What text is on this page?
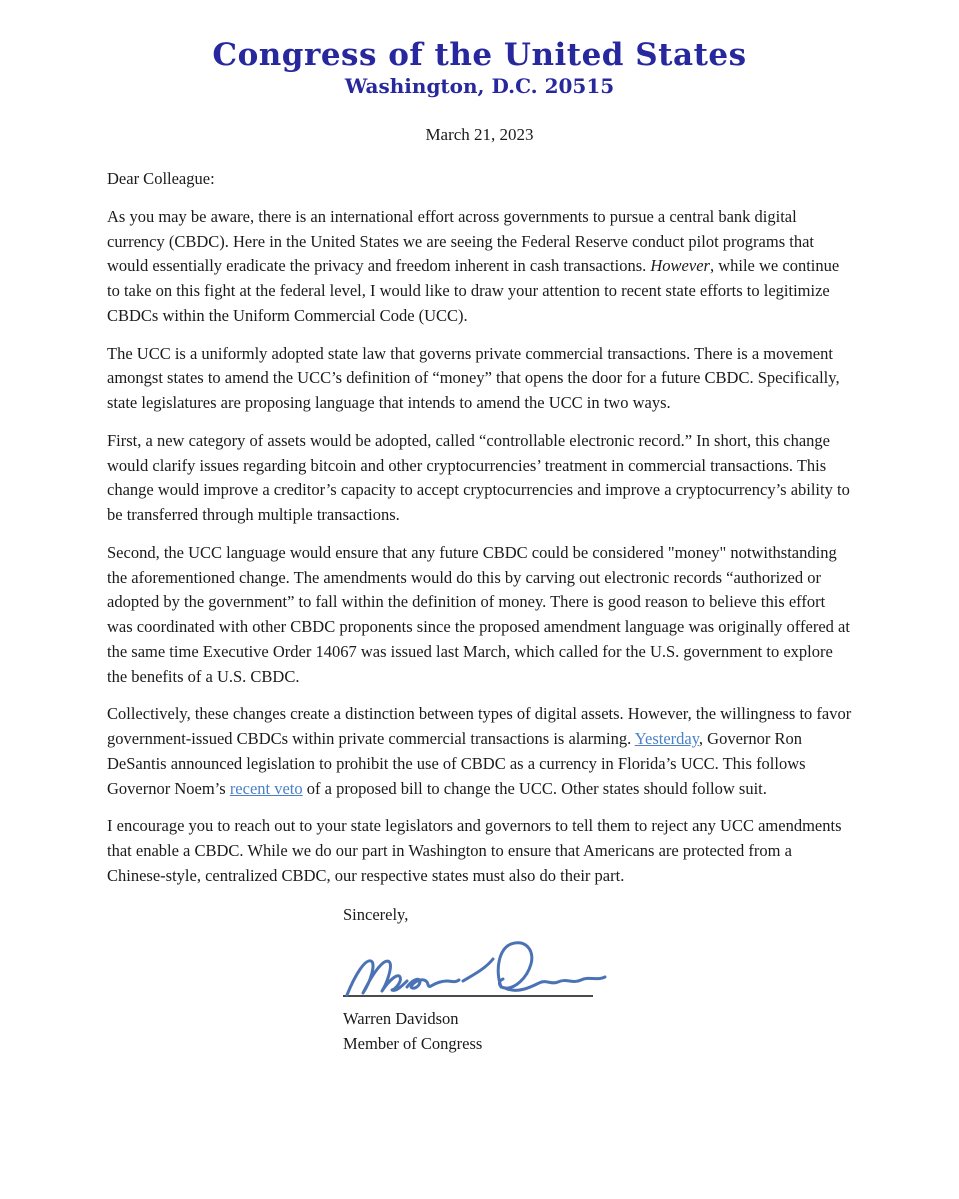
Congress of the United States
Washington, D.C. 20515
March 21, 2023
Dear Colleague:

As you may be aware, there is an international effort across governments to pursue a central bank digital currency (CBDC). Here in the United States we are seeing the Federal Reserve conduct pilot programs that would essentially eradicate the privacy and freedom inherent in cash transactions. However, while we continue to take on this fight at the federal level, I would like to draw your attention to recent state efforts to legitimize CBDCs within the Uniform Commercial Code (UCC).

The UCC is a uniformly adopted state law that governs private commercial transactions. There is a movement amongst states to amend the UCC’s definition of “money” that opens the door for a future CBDC. Specifically, state legislatures are proposing language that intends to amend the UCC in two ways.

First, a new category of assets would be adopted, called “controllable electronic record.” In short, this change would clarify issues regarding bitcoin and other cryptocurrencies’ treatment in commercial transactions. This change would improve a creditor’s capacity to accept cryptocurrencies and improve a cryptocurrency’s ability to be transferred through multiple transactions.

Second, the UCC language would ensure that any future CBDC could be considered "money" notwithstanding the aforementioned change. The amendments would do this by carving out electronic records “authorized or adopted by the government” to fall within the definition of money. There is good reason to believe this effort was coordinated with other CBDC proponents since the proposed amendment language was originally offered at the same time Executive Order 14067 was issued last March, which called for the U.S. government to explore the benefits of a U.S. CBDC.

Collectively, these changes create a distinction between types of digital assets. However, the willingness to favor government-issued CBDCs within private commercial transactions is alarming. Yesterday, Governor Ron DeSantis announced legislation to prohibit the use of CBDC as a currency in Florida’s UCC. This follows Governor Noem’s recent veto of a proposed bill to change the UCC. Other states should follow suit.

I encourage you to reach out to your state legislators and governors to tell them to reject any UCC amendments that enable a CBDC. While we do our part in Washington to ensure that Americans are protected from a Chinese-style, centralized CBDC, our respective states must also do their part.

Sincerely,
Warren Davidson
Member of Congress
